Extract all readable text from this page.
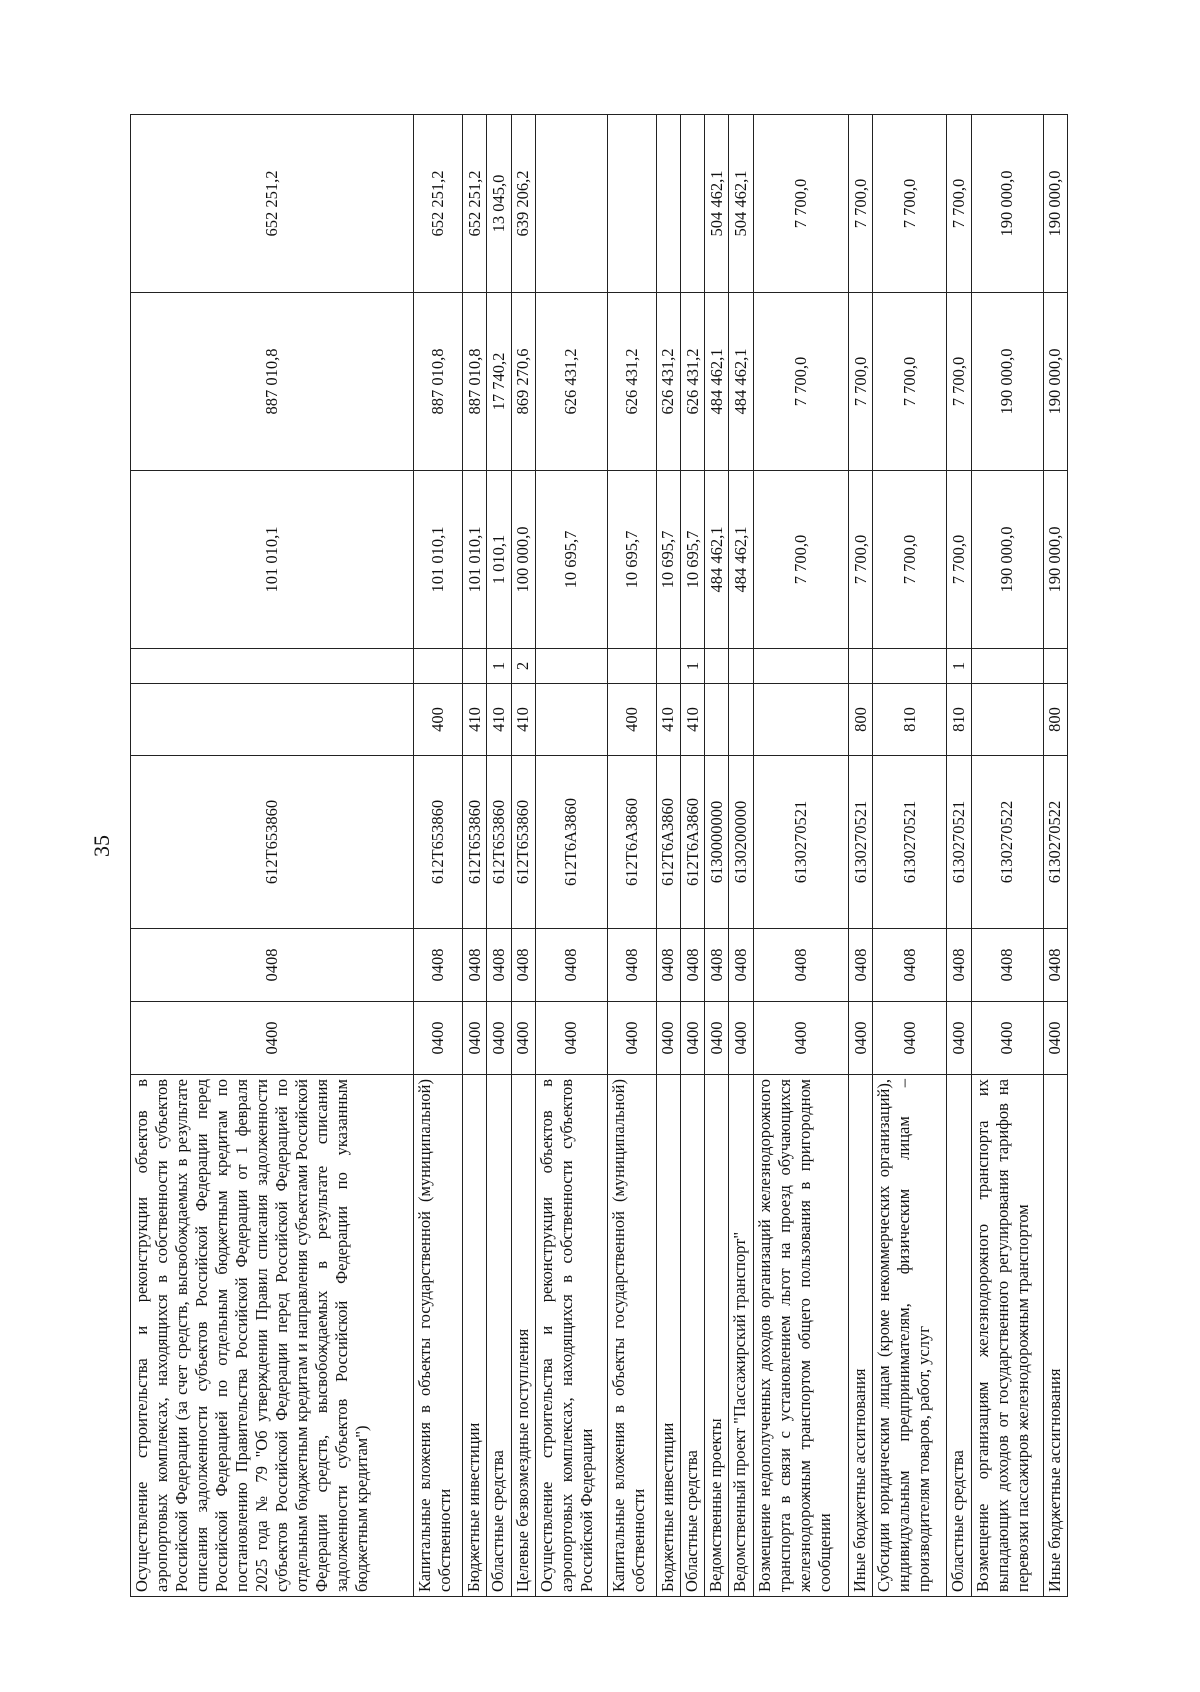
35
Осуществление строительства и реконструкции объектов в аэропортовых комплексах, находящихся в собственности субъектов Российской Федерации (за счет средств, высвобождаемых в результате списания задолженности субъектов Российской Федерации перед Российской Федерацией по отдельным бюджетным кредитам по постановлению Правительства Российской Федерации от 1 февраля 2025 года № 79 "Об утверждении Правил списания задолженности субъектов Российской Федерации перед Российской Федерацией по отдельным бюджетным кредитам и направления субъектами Российской Федерации средств, высвобождаемых в результате списания задолженности субъектов Российской Федерации по указанным бюджетным кредитам")	0400	0408	612Т653860			101 010,1	887 010,8	652 251,2
Капитальные вложения в объекты государственной (муниципальной) собственности	0400	0408	612Т653860	400		101 010,1	887 010,8	652 251,2
Бюджетные инвестиции	0400	0408	612Т653860	410		101 010,1	887 010,8	652 251,2
Областные средства	0400	0408	612Т653860	410	1	1 010,1	17 740,2	13 045,0
Целевые безвозмездные поступления	0400	0408	612Т653860	410	2	100 000,0	869 270,6	639 206,2
Осуществление строительства и реконструкции объектов в аэропортовых комплексах, находящихся в собственности субъектов Российской Федерации	0400	0408	612Т6А3860			10 695,7	626 431,2	
Капитальные вложения в объекты государственной (муниципальной) собственности	0400	0408	612Т6А3860	400		10 695,7	626 431,2	
Бюджетные инвестиции	0400	0408	612Т6А3860	410		10 695,7	626 431,2	
Областные средства	0400	0408	612Т6А3860	410	1	10 695,7	626 431,2	
Ведомственные проекты	0400	0408	6130000000			484 462,1	484 462,1	504 462,1
Ведомственный проект "Пассажирский транспорт"	0400	0408	6130200000			484 462,1	484 462,1	504 462,1
Возмещение недополученных доходов организаций железнодорожного транспорта в связи с установлением льгот на проезд обучающихся железнодорожным транспортом общего пользования в пригородном сообщении	0400	0408	6130270521			7 700,0	7 700,0	7 700,0
Иные бюджетные ассигнования	0400	0408	6130270521	800		7 700,0	7 700,0	7 700,0
Субсидии юридическим лицам (кроме некоммерческих организаций), индивидуальным предпринимателям, физическим лицам – производителям товаров, работ, услуг	0400	0408	6130270521	810		7 700,0	7 700,0	7 700,0
Областные средства	0400	0408	6130270521	810	1	7 700,0	7 700,0	7 700,0
Возмещение организациям железнодорожного транспорта их выпадающих доходов от государственного регулирования тарифов на перевозки пассажиров железнодорожным транспортом	0400	0408	6130270522			190 000,0	190 000,0	190 000,0
Иные бюджетные ассигнования	0400	0408	6130270522	800		190 000,0	190 000,0	190 000,0
